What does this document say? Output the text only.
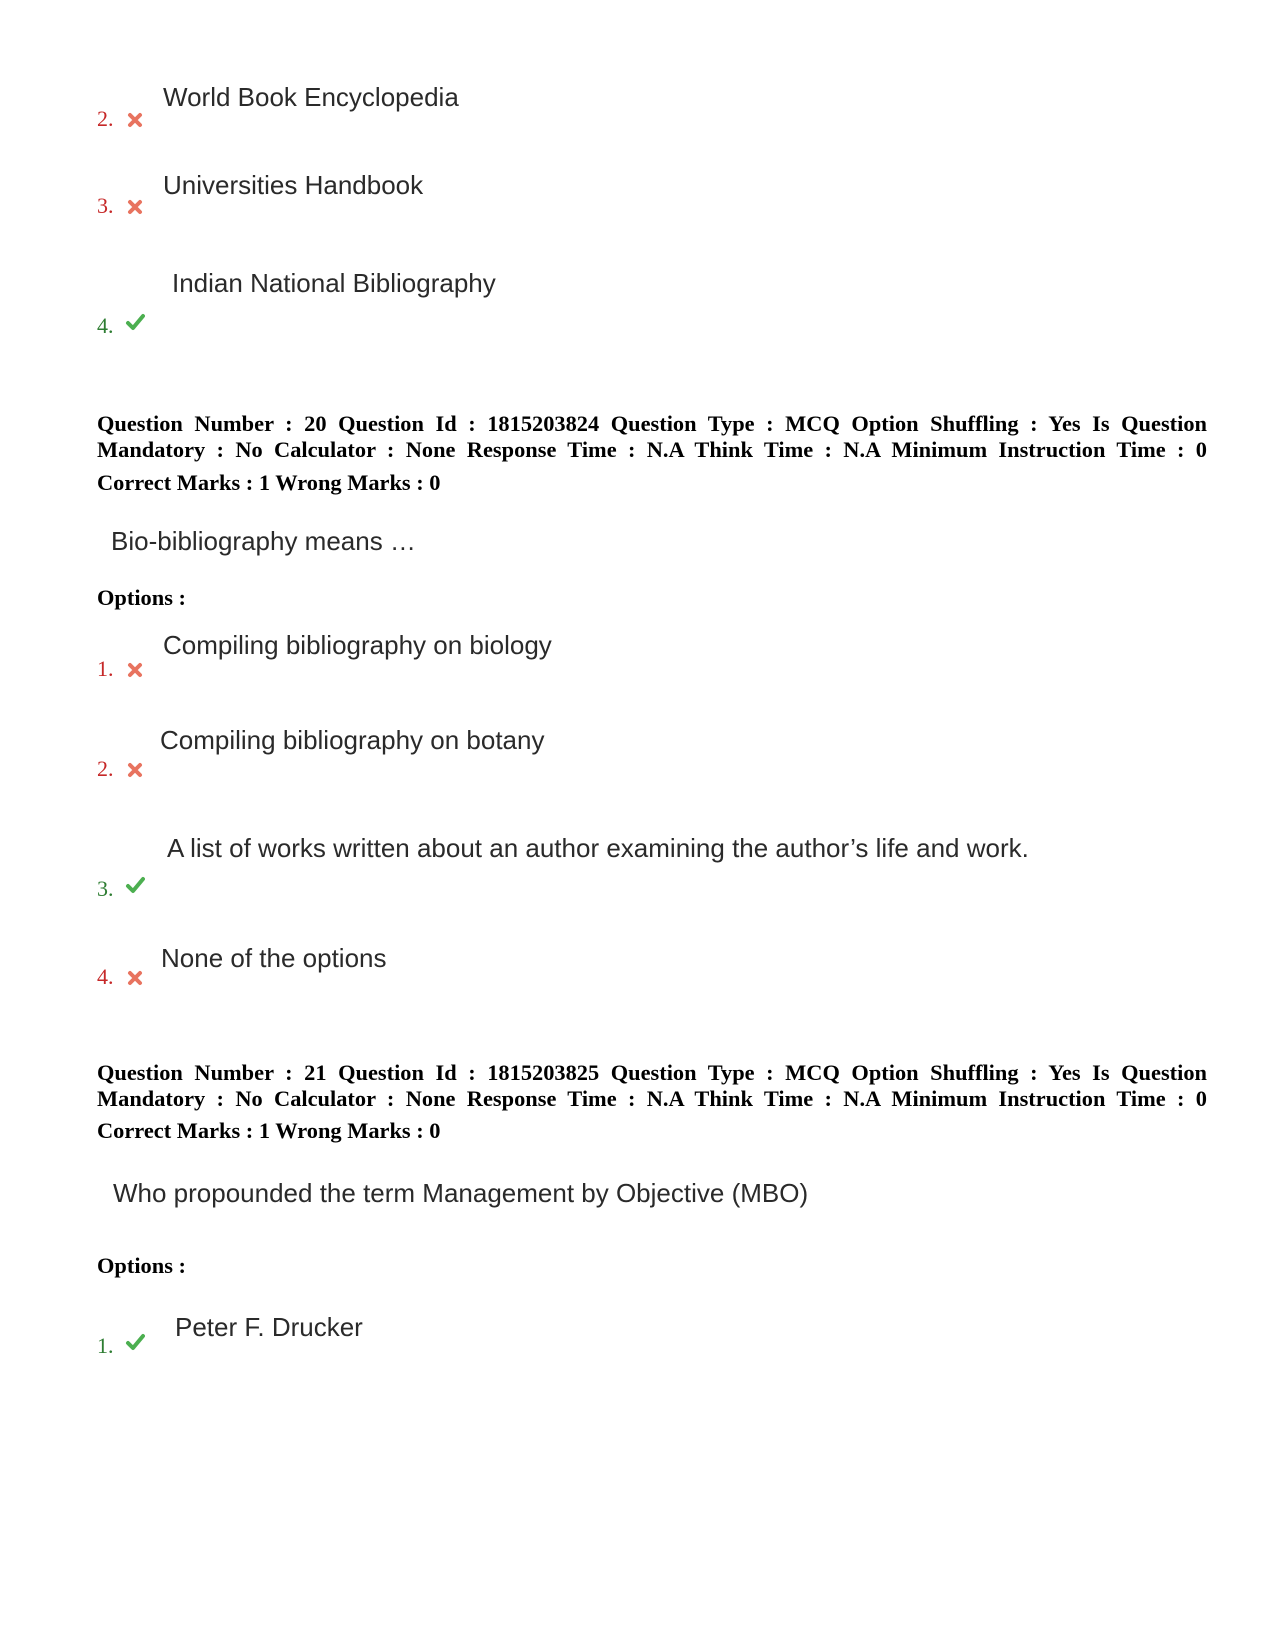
World Book Encyclopedia
2.
Universities Handbook
3.
Indian National Bibliography
4.
Question Number : 20 Question Id : 1815203824 Question Type : MCQ Option Shuffling : Yes Is Question
Mandatory : No Calculator : None Response Time : N.A Think Time : N.A Minimum Instruction Time : 0
Correct Marks : 1 Wrong Marks : 0
Bio-bibliography means …
Options :
Compiling bibliography on biology
1.
Compiling bibliography on botany
2.
A list of works written about an author examining the author’s life and work.
3.
None of the options
4.
Question Number : 21 Question Id : 1815203825 Question Type : MCQ Option Shuffling : Yes Is Question
Mandatory : No Calculator : None Response Time : N.A Think Time : N.A Minimum Instruction Time : 0
Correct Marks : 1 Wrong Marks : 0
Who propounded the term Management by Objective (MBO)
Options :
Peter F. Drucker
1.
